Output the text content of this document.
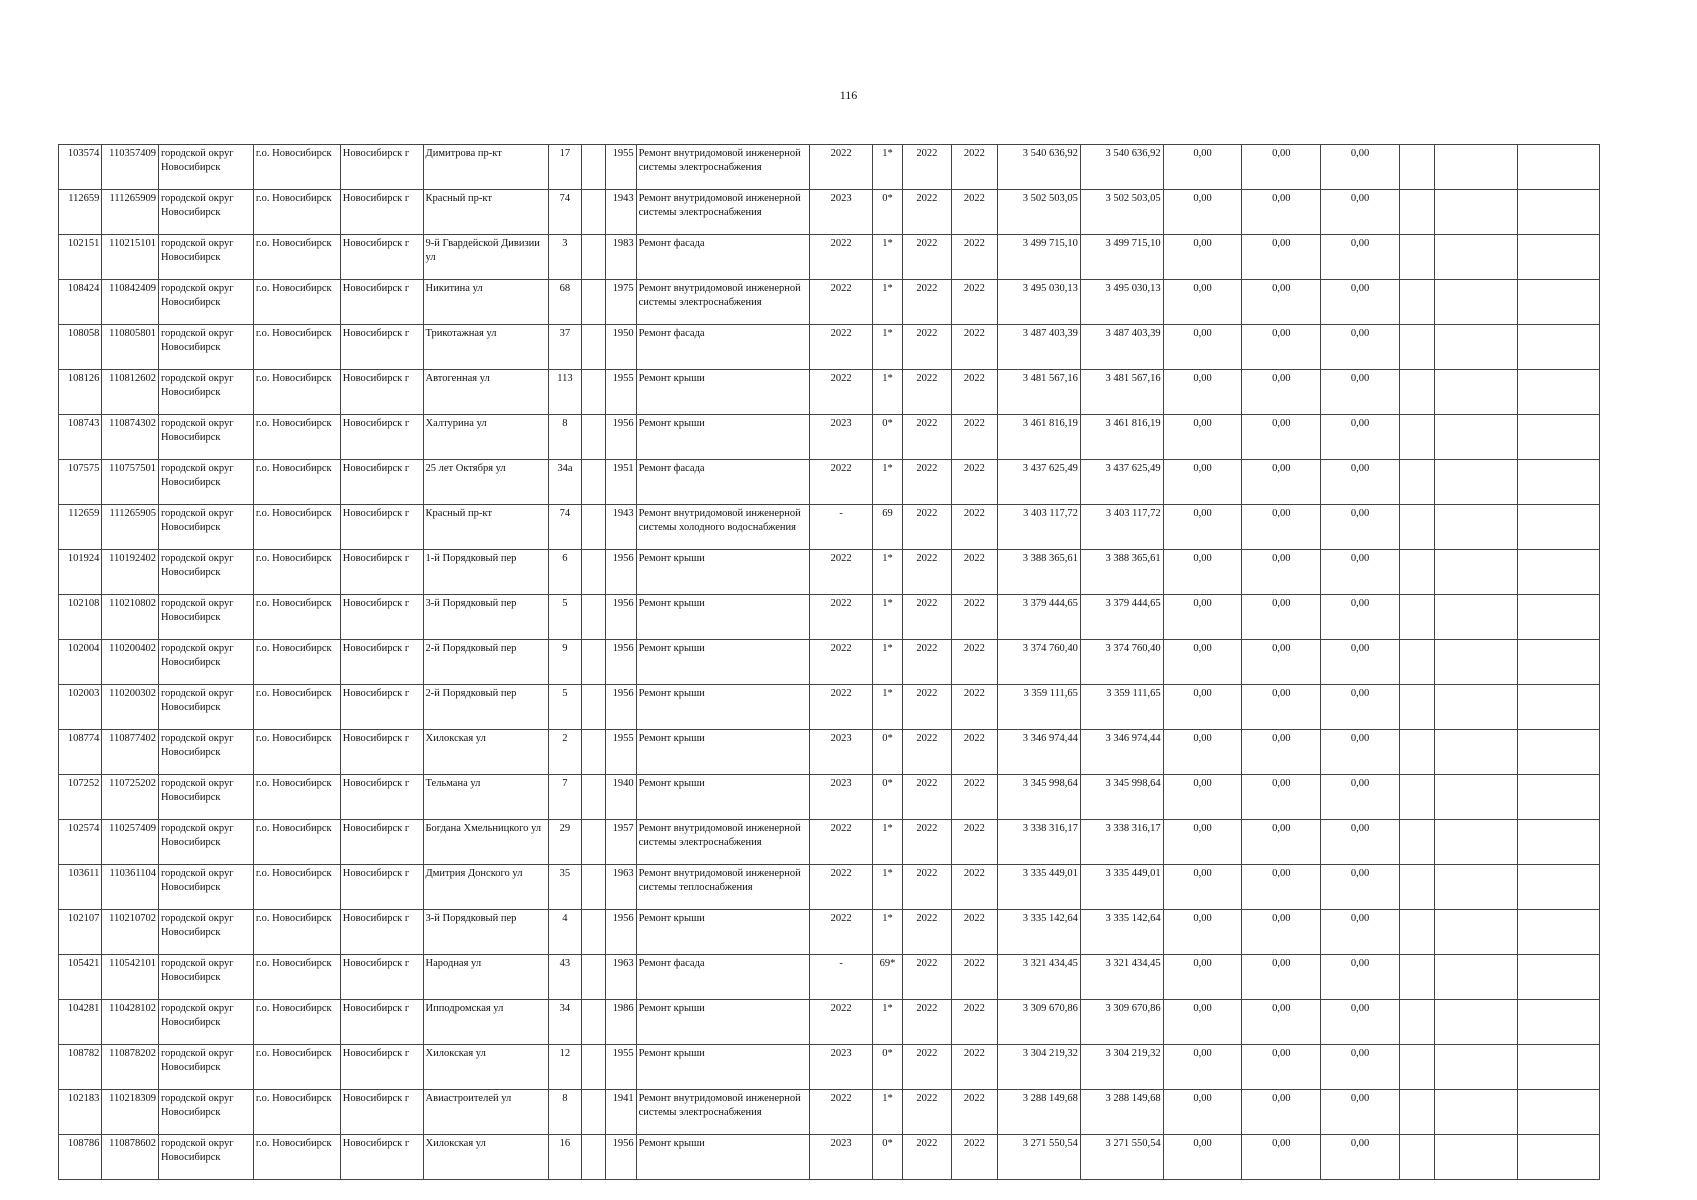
116
103574	110357409	городской округ Новосибирск	г.о. Новосибирск	Новосибирск г	Димитрова пр-кт	17		1955	Ремонт внутридомовой инженерной системы электроснабжения	2022	1*	2022	2022	3 540 636,92	3 540 636,92	0,00	0,00	0,00			
112659	111265909	городской округ Новосибирск	г.о. Новосибирск	Новосибирск г	Красный пр-кт	74		1943	Ремонт внутридомовой инженерной системы электроснабжения	2023	0*	2022	2022	3 502 503,05	3 502 503,05	0,00	0,00	0,00			
102151	110215101	городской округ Новосибирск	г.о. Новосибирск	Новосибирск г	9-й Гвардейской Дивизии ул	3		1983	Ремонт фасада	2022	1*	2022	2022	3 499 715,10	3 499 715,10	0,00	0,00	0,00			
108424	110842409	городской округ Новосибирск	г.о. Новосибирск	Новосибирск г	Никитина ул	68		1975	Ремонт внутридомовой инженерной системы электроснабжения	2022	1*	2022	2022	3 495 030,13	3 495 030,13	0,00	0,00	0,00			
108058	110805801	городской округ Новосибирск	г.о. Новосибирск	Новосибирск г	Трикотажная ул	37		1950	Ремонт фасада	2022	1*	2022	2022	3 487 403,39	3 487 403,39	0,00	0,00	0,00			
108126	110812602	городской округ Новосибирск	г.о. Новосибирск	Новосибирск г	Автогенная ул	113		1955	Ремонт крыши	2022	1*	2022	2022	3 481 567,16	3 481 567,16	0,00	0,00	0,00			
108743	110874302	городской округ Новосибирск	г.о. Новосибирск	Новосибирск г	Халтурина ул	8		1956	Ремонт крыши	2023	0*	2022	2022	3 461 816,19	3 461 816,19	0,00	0,00	0,00			
107575	110757501	городской округ Новосибирск	г.о. Новосибирск	Новосибирск г	25 лет Октября ул	34а		1951	Ремонт фасада	2022	1*	2022	2022	3 437 625,49	3 437 625,49	0,00	0,00	0,00			
112659	111265905	городской округ Новосибирск	г.о. Новосибирск	Новосибирск г	Красный пр-кт	74		1943	Ремонт внутридомовой инженерной системы холодного водоснабжения	-	69	2022	2022	3 403 117,72	3 403 117,72	0,00	0,00	0,00			
101924	110192402	городской округ Новосибирск	г.о. Новосибирск	Новосибирск г	1-й Порядковый пер	6		1956	Ремонт крыши	2022	1*	2022	2022	3 388 365,61	3 388 365,61	0,00	0,00	0,00			
102108	110210802	городской округ Новосибирск	г.о. Новосибирск	Новосибирск г	3-й Порядковый пер	5		1956	Ремонт крыши	2022	1*	2022	2022	3 379 444,65	3 379 444,65	0,00	0,00	0,00			
102004	110200402	городской округ Новосибирск	г.о. Новосибирск	Новосибирск г	2-й Порядковый пер	9		1956	Ремонт крыши	2022	1*	2022	2022	3 374 760,40	3 374 760,40	0,00	0,00	0,00			
102003	110200302	городской округ Новосибирск	г.о. Новосибирск	Новосибирск г	2-й Порядковый пер	5		1956	Ремонт крыши	2022	1*	2022	2022	3 359 111,65	3 359 111,65	0,00	0,00	0,00			
108774	110877402	городской округ Новосибирск	г.о. Новосибирск	Новосибирск г	Хилокская ул	2		1955	Ремонт крыши	2023	0*	2022	2022	3 346 974,44	3 346 974,44	0,00	0,00	0,00			
107252	110725202	городской округ Новосибирск	г.о. Новосибирск	Новосибирск г	Тельмана ул	7		1940	Ремонт крыши	2023	0*	2022	2022	3 345 998,64	3 345 998,64	0,00	0,00	0,00			
102574	110257409	городской округ Новосибирск	г.о. Новосибирск	Новосибирск г	Богдана Хмельницкого ул	29		1957	Ремонт внутридомовой инженерной системы электроснабжения	2022	1*	2022	2022	3 338 316,17	3 338 316,17	0,00	0,00	0,00			
103611	110361104	городской округ Новосибирск	г.о. Новосибирск	Новосибирск г	Дмитрия Донского ул	35		1963	Ремонт внутридомовой инженерной системы теплоснабжения	2022	1*	2022	2022	3 335 449,01	3 335 449,01	0,00	0,00	0,00			
102107	110210702	городской округ Новосибирск	г.о. Новосибирск	Новосибирск г	3-й Порядковый пер	4		1956	Ремонт крыши	2022	1*	2022	2022	3 335 142,64	3 335 142,64	0,00	0,00	0,00			
105421	110542101	городской округ Новосибирск	г.о. Новосибирск	Новосибирск г	Народная ул	43		1963	Ремонт фасада	-	69*	2022	2022	3 321 434,45	3 321 434,45	0,00	0,00	0,00			
104281	110428102	городской округ Новосибирск	г.о. Новосибирск	Новосибирск г	Ипподромская ул	34		1986	Ремонт крыши	2022	1*	2022	2022	3 309 670,86	3 309 670,86	0,00	0,00	0,00			
108782	110878202	городской округ Новосибирск	г.о. Новосибирск	Новосибирск г	Хилокская ул	12		1955	Ремонт крыши	2023	0*	2022	2022	3 304 219,32	3 304 219,32	0,00	0,00	0,00			
102183	110218309	городской округ Новосибирск	г.о. Новосибирск	Новосибирск г	Авиастроителей ул	8		1941	Ремонт внутридомовой инженерной системы электроснабжения	2022	1*	2022	2022	3 288 149,68	3 288 149,68	0,00	0,00	0,00			
108786	110878602	городской округ Новосибирск	г.о. Новосибирск	Новосибирск г	Хилокская ул	16		1956	Ремонт крыши	2023	0*	2022	2022	3 271 550,54	3 271 550,54	0,00	0,00	0,00			
